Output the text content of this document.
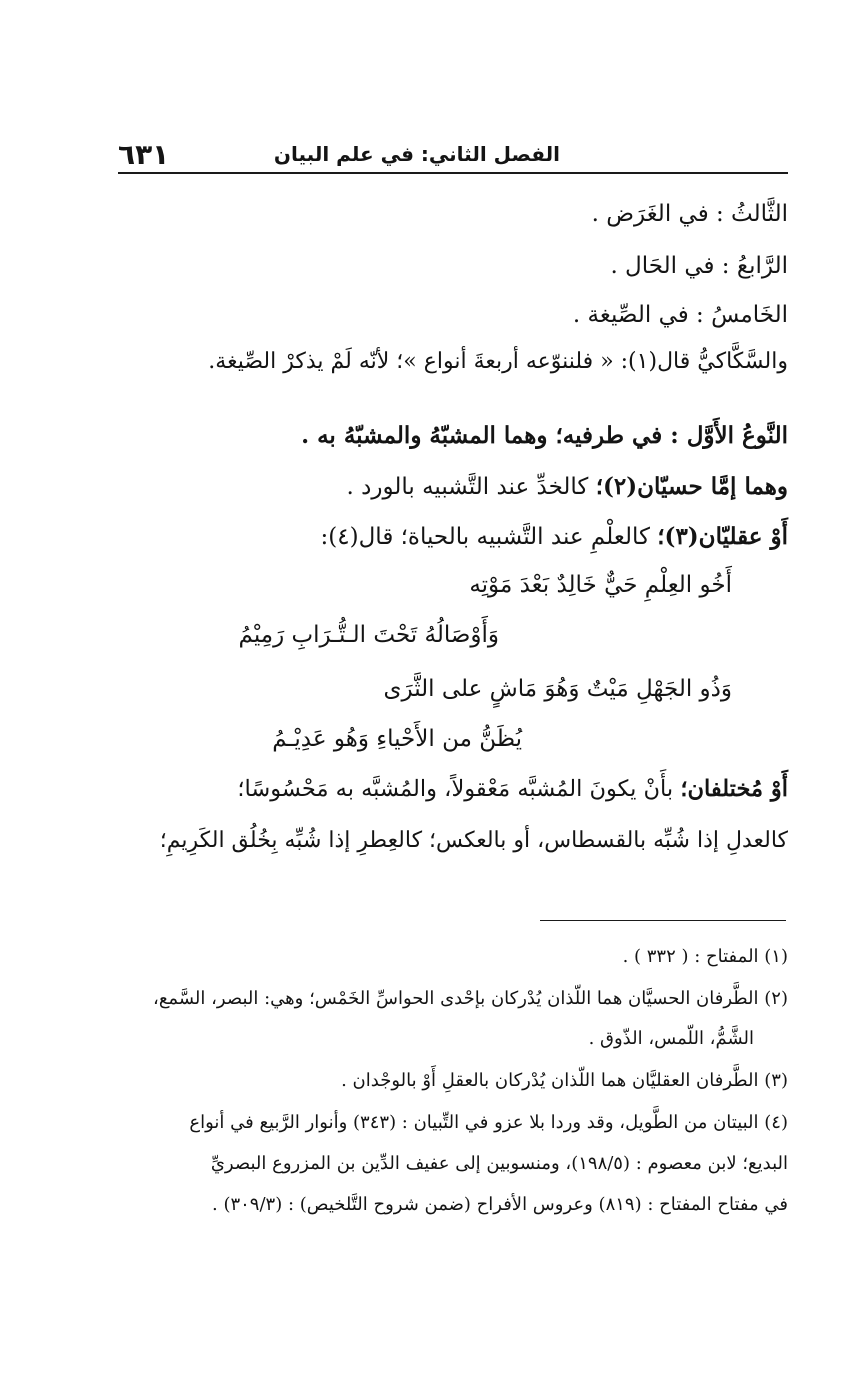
٦٣١	الفصل الثاني: في علم البيان
الثَّالثُ : في الغَرَض .
الرَّابعُ : في الحَال .
الخَامسُ : في الصِّيغة .
والسَّكَّاكيُّ قال(١): « فلننوّعه أربعةَ أنواع »؛ لأنّه لَمْ يذكرْ الصِّيغة.
النَّوعُ الأَوَّل : في طرفيه؛ وهما المشبّهُ والمشبّهُ به .
وهما إمَّا حسيّان(٢)؛ كالخدِّ عند التَّشبيه بالورد .
أَوْ عقليّان(٣)؛ كالعلْمِ عند التَّشبيه بالحياة؛ قال(٤):
أَخُو العِلْمِ حَيٌّ خَالِدٌ بَعْدَ مَوْتِه
وَأَوْصَالُهُ تَحْتَ الـتُّـرَابِ رَمِيْمُ
وَذُو الجَهْلِ مَيْتٌ وَهُوَ مَاشٍ على الثَّرَى
يُظَنُّ من الأَحْياءِ وَهُو عَدِيْـمُ
أَوْ مُختلفان؛ بأَنْ يكونَ المُشبَّه مَعْقولاً، والمُشبَّه به مَحْسُوسًا؛
كالعدلِ إذا شُبِّه بالقسطاس، أو بالعكس؛ كالعِطرِ إذا شُبِّه بِخُلُق الكَرِيمِ؛
(١) المفتاح : ( ٣٣٢ ) .
(٢) الطَّرفان الحسيَّان هما اللّذان يُدْركان بإحْدى الحواسِّ الخَمْس؛ وهي: البصر، السَّمع،
الشَّمُّ، اللّمس، الذّوق .
(٣) الطَّرفان العقليَّان هما اللّذان يُدْركان بالعقلِ أَوْ بالوجْدان .
(٤) البيتان من الطَّويل، وقد وردا بلا عزو في التِّبيان : (٣٤٣) وأنوار الرَّبيع في أنواع
البديع؛ لابن معصوم : (١٩٨/٥)، ومنسوبين إلى عفيف الدِّين بن المزروع البصريِّ
في مفتاح المفتاح : (٨١٩) وعروس الأفراح (ضمن شروح التَّلخيص) : (٣٠٩/٣) .
